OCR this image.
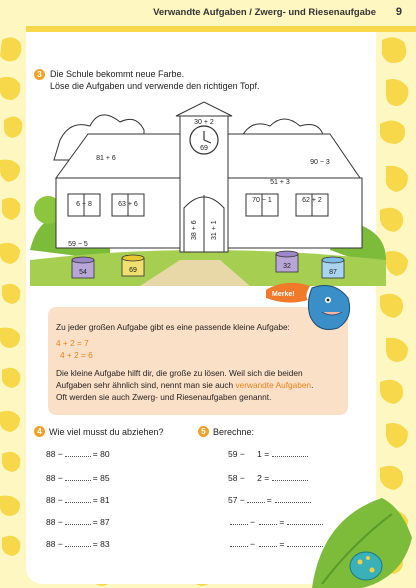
Verwandte Aufgaben / Zwerg- und Riesenaufgabe 9
3 Die Schule bekommt neue Farbe.
Löse die Aufgaben und verwende den richtigen Topf.
30 + 2
81 + 6
90 − 3
51 + 3
6 + 8	63 + 6
70 − 1	62 + 2
59 − 5
69
38 + 6 31 + 1
54	69
32
87
Merke!
Zu jeder großen Aufgabe gibt es eine passende kleine Aufgabe:
4 + 2 = 7
4 + 2 = 6
Die kleine Aufgabe hilft dir, die große zu lösen. Weil sich die beiden
Aufgaben sehr ähnlich sind, nennt man sie auch verwandte Aufgaben.
Oft werden sie auch Zwerg- und Riesenaufgaben genannt.
4 Wie viel musst du abziehen?
88 −	= 80
88 −	= 85
88 −	= 81
88 −	= 87
88 −	= 83
5 Berechne:
59 − 1 =
58 − 2 =
57 −	=
−	=
−	=
